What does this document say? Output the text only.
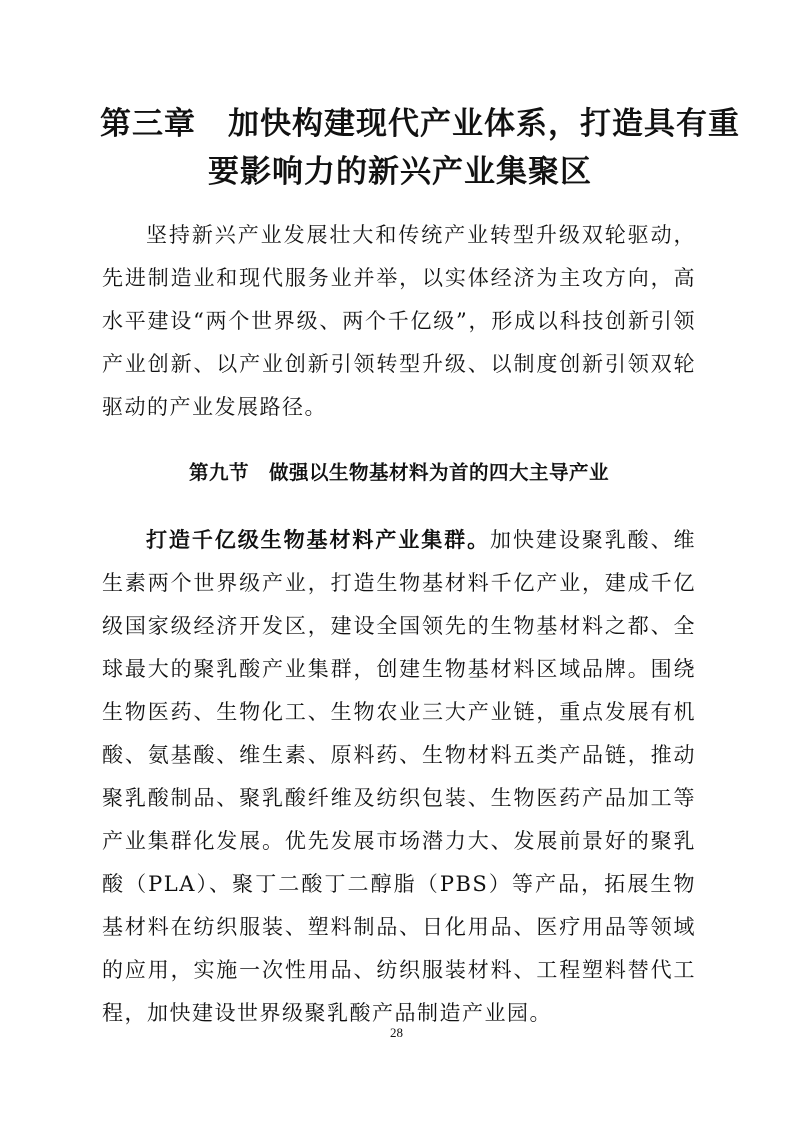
第三章　加快构建现代产业体系，打造具有重
要影响力的新兴产业集聚区

坚持新兴产业发展壮大和传统产业转型升级双轮驱动，先进制造业和现代服务业并举，以实体经济为主攻方向，高水平建设“两个世界级、两个千亿级”，形成以科技创新引领产业创新、以产业创新引领转型升级、以制度创新引领双轮驱动的产业发展路径。

第九节　做强以生物基材料为首的四大主导产业

打造千亿级生物基材料产业集群。加快建设聚乳酸、维生素两个世界级产业，打造生物基材料千亿产业，建成千亿级国家级经济开发区，建设全国领先的生物基材料之都、全球最大的聚乳酸产业集群，创建生物基材料区域品牌。围绕生物医药、生物化工、生物农业三大产业链，重点发展有机酸、氨基酸、维生素、原料药、生物材料五类产品链，推动聚乳酸制品、聚乳酸纤维及纺织包装、生物医药产品加工等产业集群化发展。优先发展市场潜力大、发展前景好的聚乳酸（PLA）、聚丁二酸丁二醇脂（PBS）等产品，拓展生物基材料在纺织服装、塑料制品、日化用品、医疗用品等领域的应用，实施一次性用品、纺织服装材料、工程塑料替代工程，加快建设世界级聚乳酸产品制造产业园。

28
